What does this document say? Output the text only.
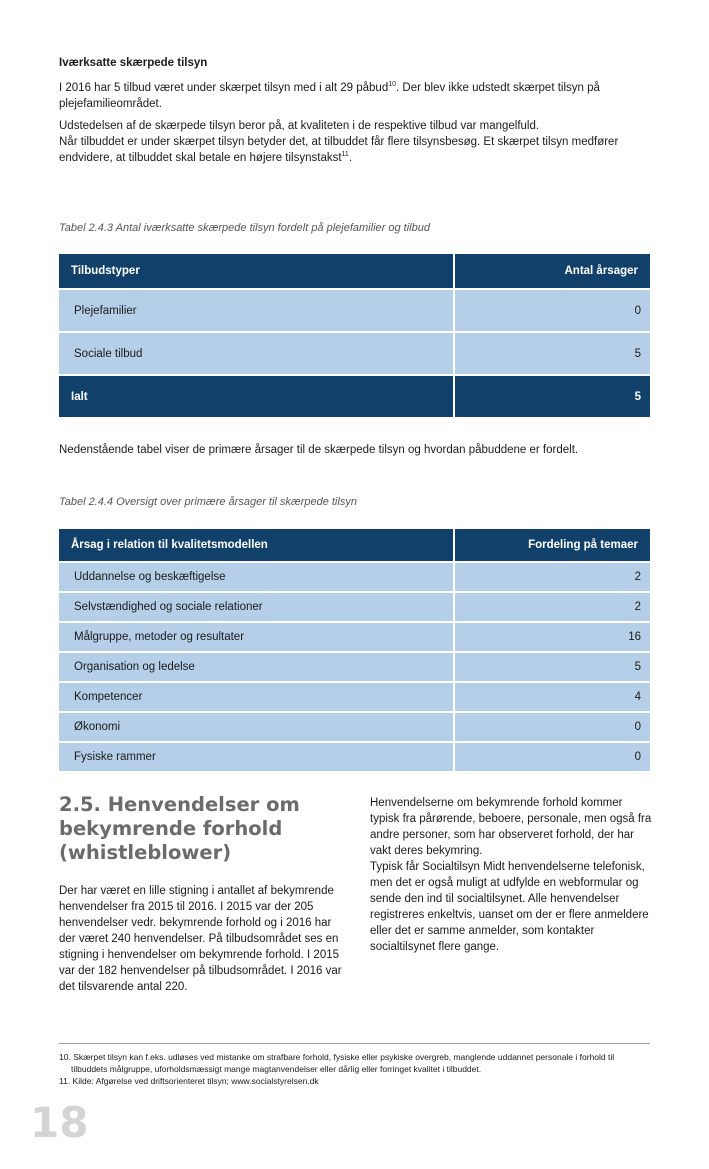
Iværksatte skærpede tilsyn
I 2016 har 5 tilbud været under skærpet tilsyn med i alt 29 påbud$^{10}$. Der blev ikke udstedt skærpet tilsyn på plejefamilieområdet.
Udstedelsen af de skærpede tilsyn beror på, at kvaliteten i de respektive tilbud var mangelfuld.
Når tilbuddet er under skærpet tilsyn betyder det, at tilbuddet får flere tilsynsbesøg. Et skærpet tilsyn medfører endvidere, at tilbuddet skal betale en højere tilsynstakst$^{11}$.
Tabel 2.4.3 Antal iværksatte skærpede tilsyn fordelt på plejefamilier og tilbud
Tilbudstyper	Antal årsager
Plejefamilier	0
Sociale tilbud	5
Ialt	5
Nedenstående tabel viser de primære årsager til de skærpede tilsyn og hvordan påbuddene er fordelt.
Tabel 2.4.4 Oversigt over primære årsager til skærpede tilsyn
Årsag i relation til kvalitetsmodellen	Fordeling på temaer
Uddannelse og beskæftigelse	2
Selvstændighed og sociale relationer	2
Målgruppe, metoder og resultater	16
Organisation og ledelse	5
Kompetencer	4
Økonomi	0
Fysiske rammer	0
2.5. Henvendelser om bekymrende forhold (whistleblower)

Der har været en lille stigning i antallet af bekymrende henvendelser fra 2015 til 2016. I 2015 var der 205 henvendelser vedr. bekymrende forhold og i 2016 har der været 240 henvendelser. På tilbudsområdet ses en stigning i henvendelser om bekymrende forhold. I 2015 var der 182 henvendelser på tilbudsområdet. I 2016 var det tilsvarende antal 220.

Henvendelserne om bekymrende forhold kommer typisk fra pårørende, beboere, personale, men også fra andre personer, som har observeret forhold, der har vakt deres bekymring.

Typisk får Socialtilsyn Midt henvendelserne telefonisk, men det er også muligt at udfylde en webformular og sende den ind til socialtilsynet. Alle henvendelser registreres enkeltvis, uanset om der er flere anmeldere eller det er samme anmelder, som kontakter socialtilsynet flere gange.

10. Skærpet tilsyn kan f.eks. udløses ved mistanke om strafbare forhold, fysiske eller psykiske overgreb, manglende uddannet personale i forhold til tilbuddets målgruppe, uforholdsmæssigt mange magtanvendelser eller dårlig eller forringet kvalitet i tilbuddet.
11. Kilde: Afgørelse ved driftsorienteret tilsyn; www.socialstyrelsen.dk
18
